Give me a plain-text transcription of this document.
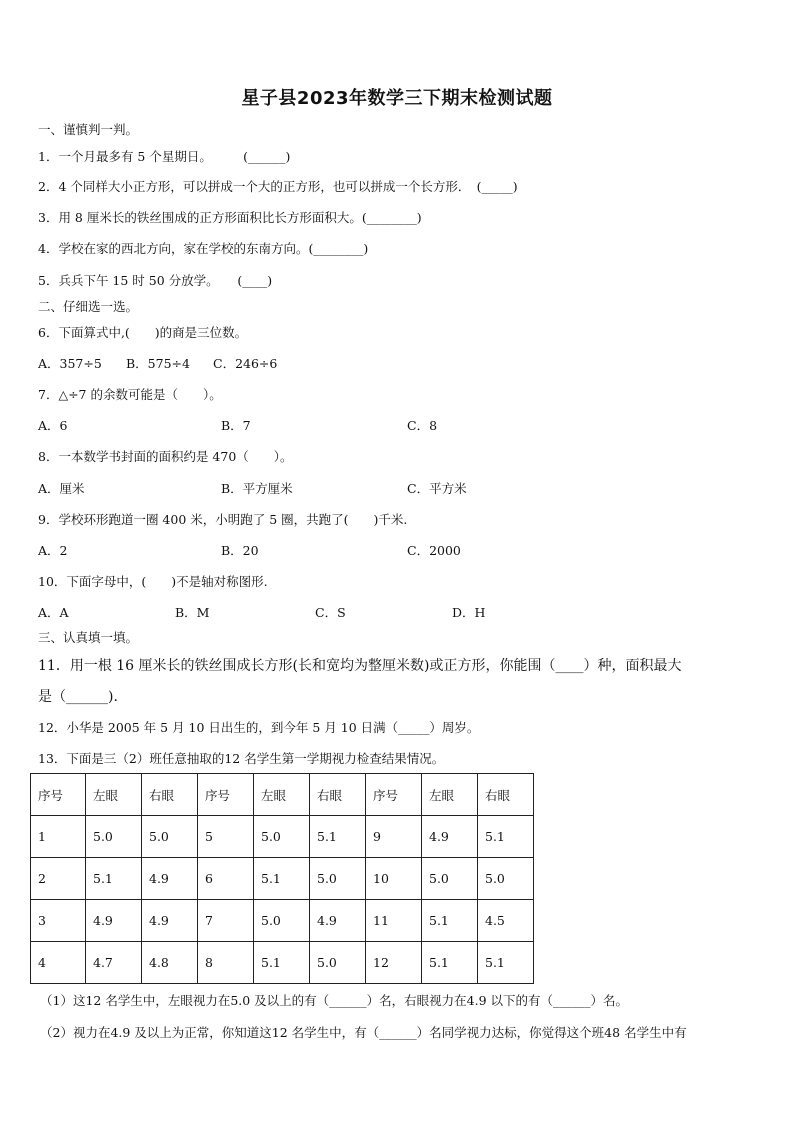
星子县2023年数学三下期末检测试题
一、谨慎判一判。
1．一个月最多有 5 个星期日。　　　(______)
2．4 个同样大小正方形，可以拼成一个大的正方形，也可以拼成一个长方形．　(_____)
3．用 8 厘米长的铁丝围成的正方形面积比长方形面积大。(________)
4．学校在家的西北方向，家在学校的东南方向。(________)
5．兵兵下午 15 时 50 分放学。　　(____)
二、仔细选一选。
6．下面算式中,(　　)的商是三位数。
A．357÷5 B．575÷4 C．246÷6
7．△÷7 的余数可能是（　　）。
A．6	B．7	C．8
8．一本数学书封面的面积约是 470（　　）。
A．厘米	B．平方厘米	C．平方米
9．学校环形跑道一圈 400 米，小明跑了 5 圈，共跑了(　　)千米.
A．2	B．20	C．2000
10．下面字母中，(　　)不是轴对称图形.
A．A	B．M	C．S	D．H
三、认真填一填。
11．用一根 16 厘米长的铁丝围成长方形(长和宽均为整厘米数)或正方形，你能围（____）种，面积最大
是（______).
12．小华是 2005 年 5 月 10 日出生的，到今年 5 月 10 日满（_____）周岁。
13．下面是三（2）班任意抽取的12 名学生第一学期视力检查结果情况。
序号	左眼	右眼	序号	左眼	右眼	序号	左眼	右眼
1	5.0	5.0	5	5.0	5.1	9	4.9	5.1
2	5.1	4.9	6	5.1	5.0	10	5.0	5.0
3	4.9	4.9	7	5.0	4.9	11	5.1	4.5
4	4.7	4.8	8	5.1	5.0	12	5.1	5.1
（1）这12 名学生中，左眼视力在5.0 及以上的有（______）名，右眼视力在4.9 以下的有（______）名。
（2）视力在4.9 及以上为正常，你知道这12 名学生中，有（______）名同学视力达标，你觉得这个班48 名学生中有
